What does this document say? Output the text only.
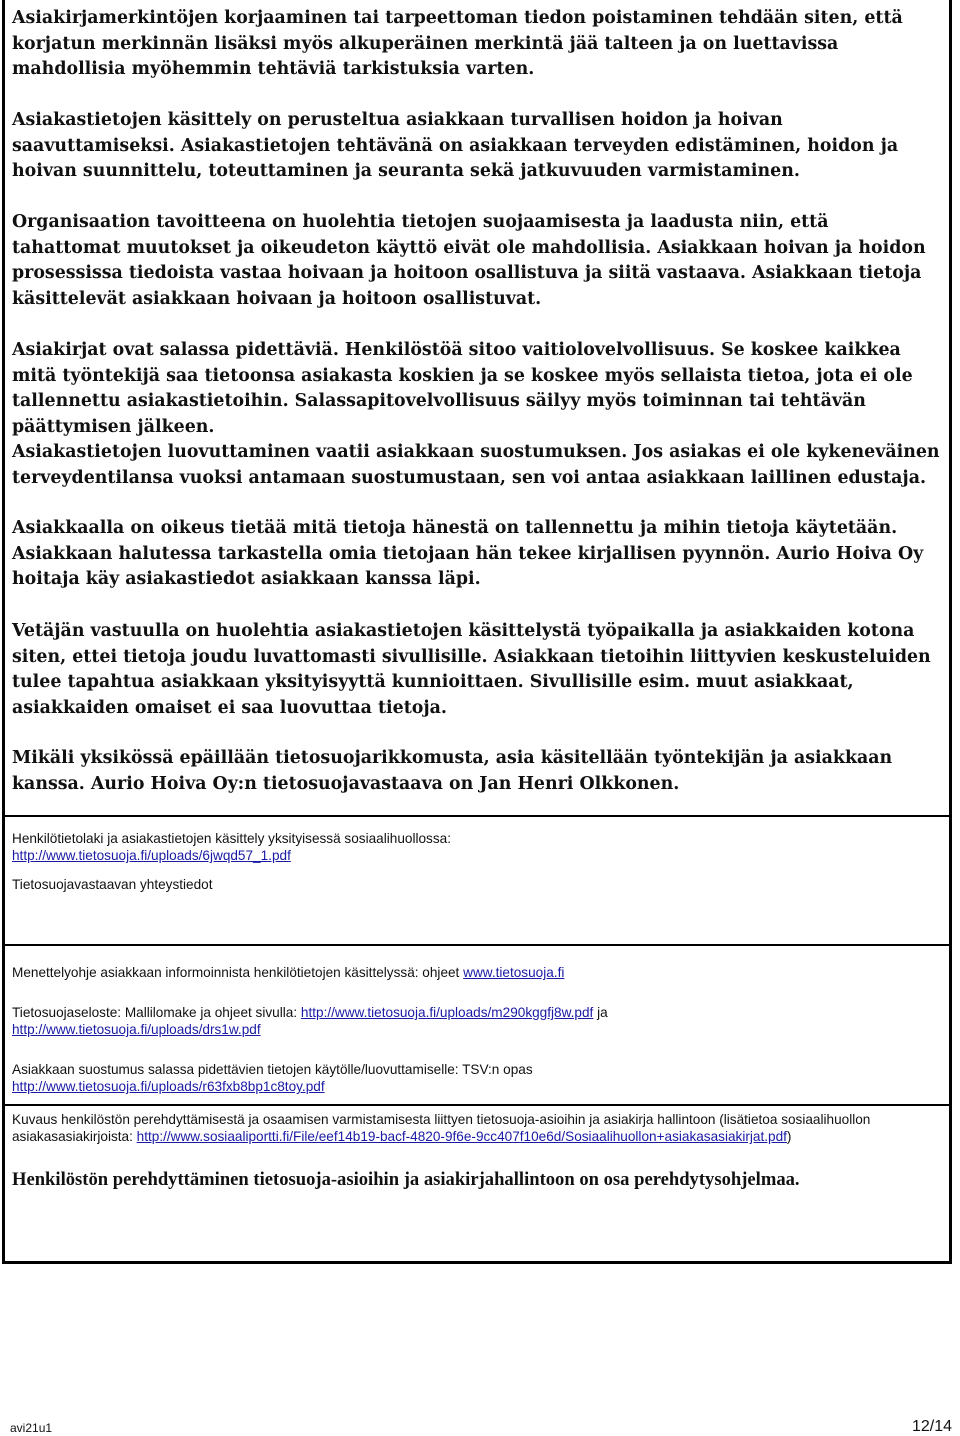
Asiakirjamerkintöjen korjaaminen tai tarpeettoman tiedon poistaminen tehdään siten, että korjatun merkinnän lisäksi myös alkuperäinen merkintä jää talteen ja on luettavissa mahdollisia myöhemmin tehtäviä tarkistuksia varten.

Asiakastietojen käsittely on perusteltua asiakkaan turvallisen hoidon ja hoivan saavuttamiseksi. Asiakastietojen tehtävänä on asiakkaan terveyden edistäminen, hoidon ja hoivan suunnittelu, toteuttaminen ja seuranta sekä jatkuvuuden varmistaminen.

Organisaation tavoitteena on huolehtia tietojen suojaamisesta ja laadusta niin, että tahattomat muutokset ja oikeudeton käyttö eivät ole mahdollisia. Asiakkaan hoivan ja hoidon prosessissa tiedoista vastaa hoivaan ja hoitoon osallistuva ja siitä vastaava. Asiakkaan tietoja käsittelevät asiakkaan hoivaan ja hoitoon osallistuvat.

Asiakirjat ovat salassa pidettäviä. Henkilöstöä sitoo vaitiolovelvollisuus. Se koskee kaikkea mitä työntekijä saa tietoonsa asiakasta koskien ja se koskee myös sellaista tietoa, jota ei ole tallennettu asiakastietoihin. Salassapitovelvollisuus säilyy myös toiminnan tai tehtävän päättymisen jälkeen.

Asiakastietojen luovuttaminen vaatii asiakkaan suostumuksen. Jos asiakas ei ole kykeneväinen terveydentilansa vuoksi antamaan suostumustaan, sen voi antaa asiakkaan laillinen edustaja.

Asiakkaalla on oikeus tietää mitä tietoja hänestä on tallennettu ja mihin tietoja käytetään. Asiakkaan halutessa tarkastella omia tietojaan hän tekee kirjallisen pyynnön. Aurio Hoiva Oy hoitaja käy asiakastiedot asiakkaan kanssa läpi.

Vetäjän vastuulla on huolehtia asiakastietojen käsittelystä työpaikalla ja asiakkaiden kotona siten, ettei tietoja joudu luvattomasti sivullisille. Asiakkaan tietoihin liittyvien keskusteluiden tulee tapahtua asiakkaan yksityisyyttä kunnioittaen. Sivullisille esim. muut asiakkaat, asiakkaiden omaiset ei saa luovuttaa tietoja.

Mikäli yksikössä epäillään tietosuojarikkomusta, asia käsitellään työntekijän ja asiakkaan kanssa. Aurio Hoiva Oy:n tietosuojavastaava on Jan Henri Olkkonen.

Henkilötietolaki ja asiakastietojen käsittely yksityisessä sosiaalihuollossa:
http://www.tietosuoja.fi/uploads/6jwqd57_1.pdf
Tietosuojavastaavan yhteystiedot
Menettelyohje asiakkaan informoinnista henkilötietojen käsittelyssä: ohjeet www.tietosuoja.fi
Tietosuojaseloste: Mallilomake ja ohjeet sivulla: http://www.tietosuoja.fi/uploads/m290kggfj8w.pdf ja
http://www.tietosuoja.fi/uploads/drs1w.pdf
Asiakkaan suostumus salassa pidettävien tietojen käytölle/luovuttamiselle: TSV:n opas
http://www.tietosuoja.fi/uploads/r63fxb8bp1c8toy.pdf
Kuvaus henkilöstön perehdyttämisestä ja osaamisen varmistamisesta liittyen tietosuoja-asioihin ja asiakirja hallintoon (lisätietoa sosiaalihuollon asiakasasiakirjoista: http://www.sosiaaliportti.fi/File/eef14b19-bacf-4820-9f6e-9cc407f10e6d/Sosiaalihuollon+asiakasasiakirjat.pdf)

Henkilöstön perehdyttäminen tietosuoja-asioihin ja asiakirjahallintoon on osa perehdytysohjelmaa.

avi21u1	12/14
